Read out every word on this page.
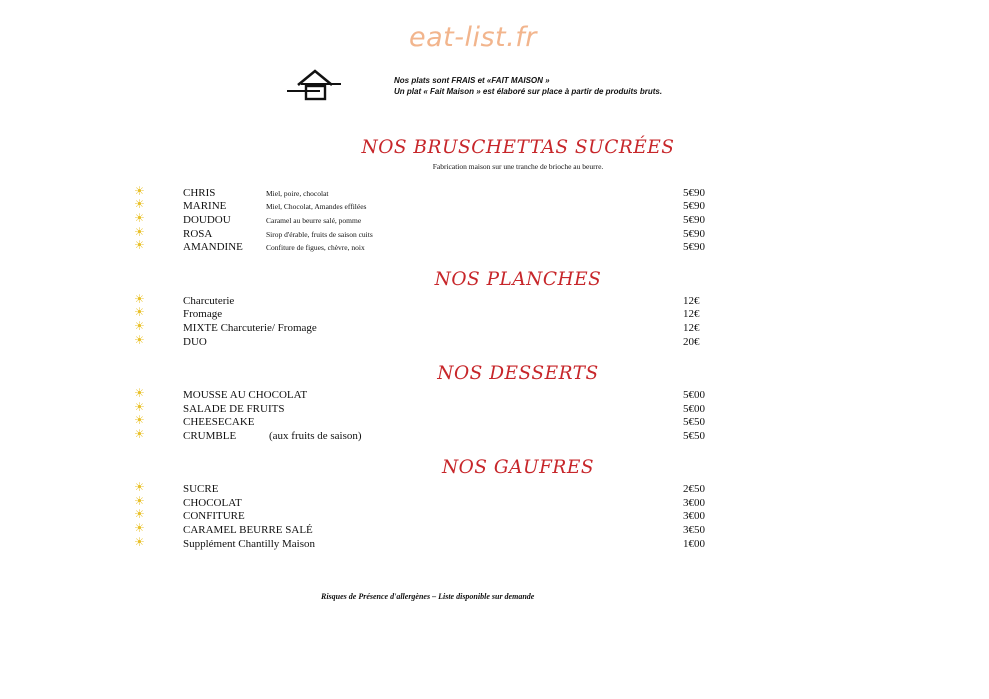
eat-list.fr
Nos plats sont FRAIS et «FAIT MAISON »
Un plat « Fait Maison » est élaboré sur place à partir de produits bruts.
NOS BRUSCHETTAS SUCRÉES
Fabrication maison sur une tranche de brioche au beurre.
☀	CHRIS	Miel, poire, chocolat	5€90
☀	MARINE	Miel, Chocolat, Amandes effilées	5€90
☀	DOUDOU	Caramel au beurre salé, pomme	5€90
☀	ROSA	Sirop d'érable, fruits de saison cuits	5€90
☀	AMANDINE	Confiture de figues, chèvre, noix	5€90
NOS PLANCHES
☀	Charcuterie	12€
☀	Fromage	12€
☀	MIXTE Charcuterie/ Fromage	12€
☀	DUO	20€
NOS DESSERTS
☀	MOUSSE AU CHOCOLAT	5€00
☀	SALADE DE FRUITS	5€00
☀	CHEESECAKE	5€50
☀	CRUMBLE	(aux fruits de saison)	5€50
NOS GAUFRES
☀	SUCRE	2€50
☀	CHOCOLAT	3€00
☀	CONFITURE	3€00
☀	CARAMEL BEURRE SALÉ	3€50
☀	Supplément Chantilly Maison	1€00
Risques de Présence d'allergènes – Liste disponible sur demande
